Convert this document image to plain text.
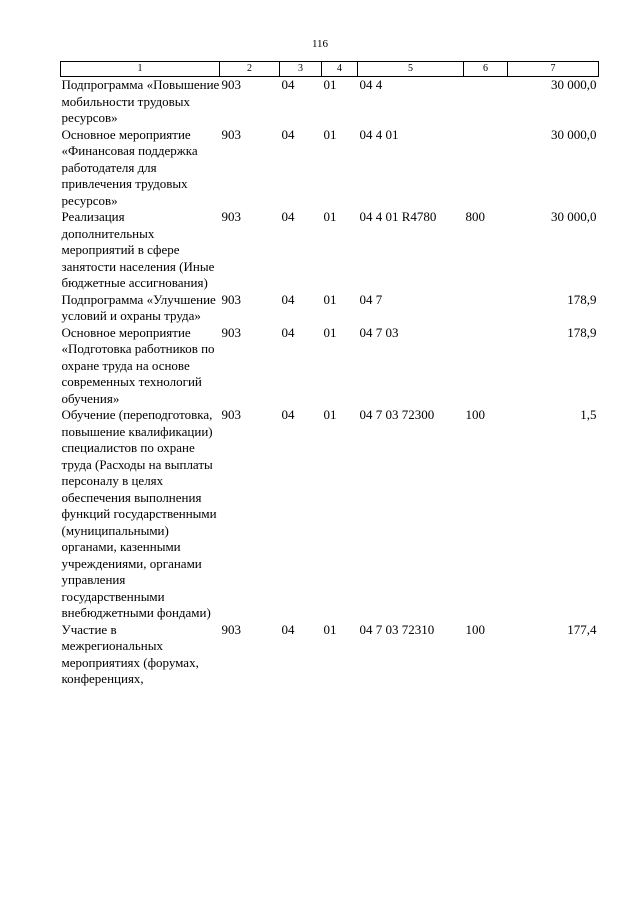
116
1	2	3	4	5	6	7
Подпрограмма «Повышение мобильности трудовых ресурсов»	903	04	01	04 4		30 000,0
Основное мероприятие «Финансовая поддержка работодателя для привлечения трудовых ресурсов»	903	04	01	04 4 01		30 000,0
Реализация дополнительных мероприятий в сфере занятости населения (Иные бюджетные ассигнования)	903	04	01	04 4 01 R4780	800	30 000,0
Подпрограмма «Улучшение условий и охраны труда»	903	04	01	04 7		178,9
Основное мероприятие «Подготовка работников по охране труда на основе современных технологий обучения»	903	04	01	04 7 03		178,9
Обучение (переподготовка, повышение квалификации) специалистов по охране труда (Расходы на выплаты персоналу в целях обеспечения выполнения функций государственными (муниципальными) органами, казенными учреждениями, органами управления государственными внебюджетными фондами)	903	04	01	04 7 03 72300	100	1,5
Участие в межрегиональных мероприятиях (форумах, конференциях,	903	04	01	04 7 03 72310	100	177,4
